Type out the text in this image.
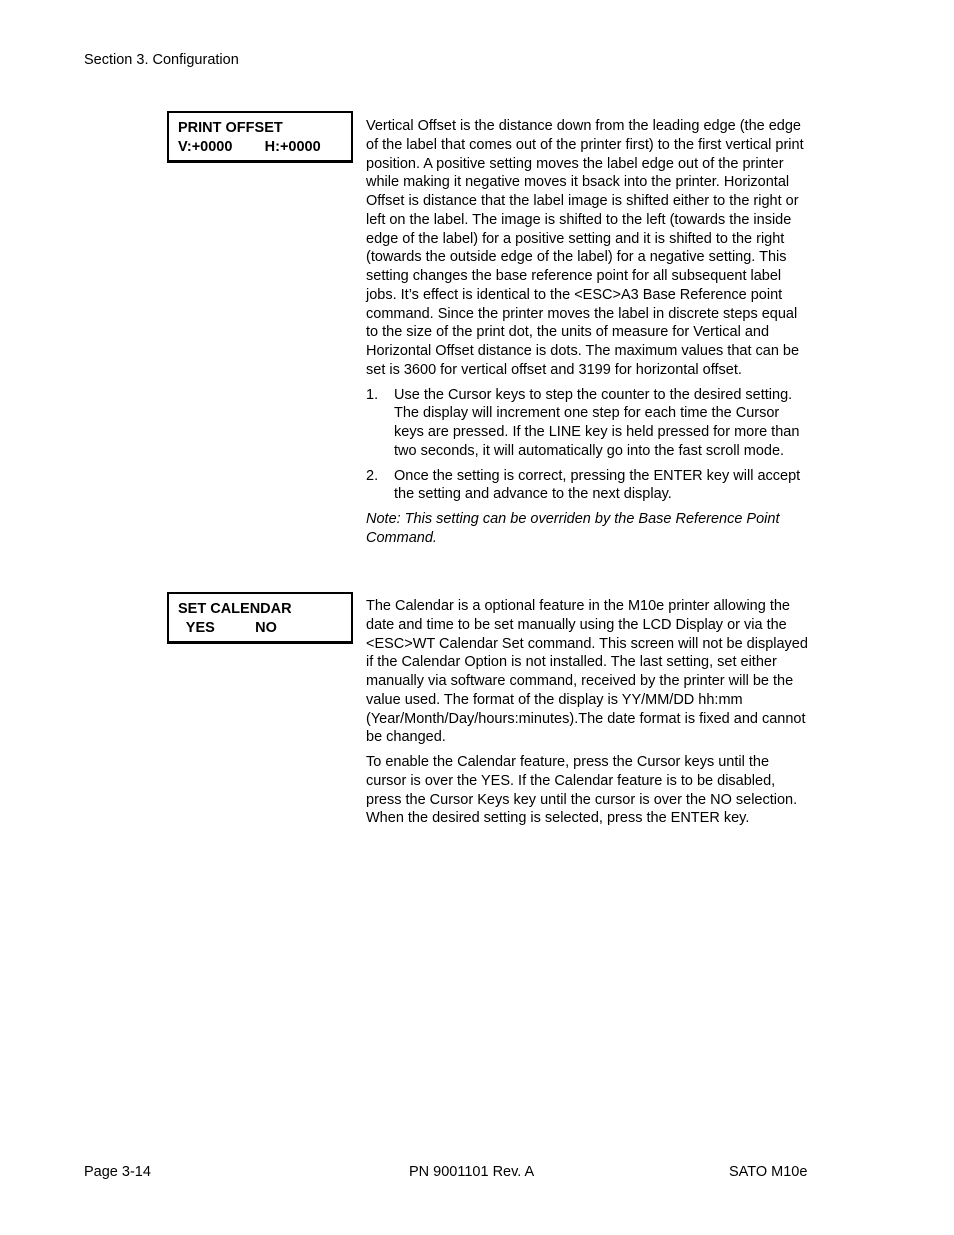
Section 3. Configuration

PRINT OFFSET

V:+0000        H:+0000

Vertical Offset is the distance down from the leading edge (the edge of the label that comes out of the printer first) to the first vertical print position. A positive setting moves the label edge out of the printer while making it negative moves it bsack into the printer. Horizontal Offset is distance that the label image is shifted either to the right or left on the label. The image is shifted to the left (towards the inside edge of the label) for a positive setting and it is shifted to the right (towards the outside edge of the label) for a negative setting. This setting changes the base reference point for all subsequent label jobs. It’s effect is identical to the <ESC>A3 Base Reference point command. Since the printer moves the label in discrete steps equal to the size of the print dot, the units of measure for Vertical and Horizontal Offset distance is dots. The maximum values that can be set is 3600 for vertical offset and 3199 for horizontal offset.

1.	Use the Cursor keys to step the counter to the desired setting. The display will increment one step for each time the Cursor keys are pressed. If the LINE key is held pressed for more than two seconds, it will automatically go into the fast scroll mode.
2.	Once the setting is correct, pressing the ENTER key will accept the setting and advance to the next display.

Note: This setting can be overriden by the Base Reference Point Command.

SET CALENDAR

YES          NO

The Calendar is a optional feature in the M10e printer allowing the date and time to be set manually using the LCD Display or via the <ESC>WT Calendar Set command. This screen will not be displayed if the Calendar Option is not installed. The last setting, set either manually via software command, received by the printer will be the value used. The format of the display is YY/MM/DD hh:mm (Year/Month/Day/hours:minutes).The date format is fixed and cannot be changed.

To enable the Calendar feature, press the Cursor keys until the cursor is over the YES. If the Calendar feature is to be disabled, press the Cursor Keys key until the cursor is over the NO selection. When the desired setting is selected, press the ENTER key.

Page 3-14	PN 9001101 Rev. A	SATO M10e
